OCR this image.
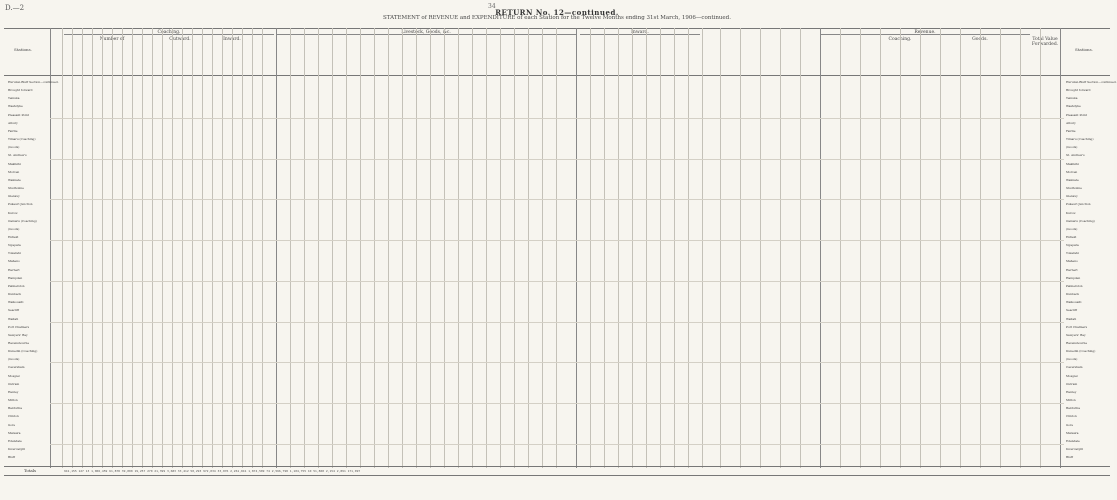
D.—2	34
RETURN No. 12—continued.
STATEMENT of REVENUE and EXPENDITURE of each Station for the Twelve Months ending 31st March, 1906—continued.
Coaching.	Livestock, Goods, &c.	Inward.	Revenue.
Number of	Outward.	Inward.	Coaching.	Goods.	Total Value Forwarded.
Stations.	Stations.
Hurunui-Bluff Section—continued.	Hurunui-Bluff Section—continued.
Brought forward	Brought forward
Temuka	Temuka
Washdyke	Washdyke
Pleasant Point	Pleasant Point
Albury	Albury
Fairlie	Fairlie
Timaru (Coaching)	Timaru (Coaching)
(Goods)	(Goods)
St. Andrew's	St. Andrew's
Makikihi	Makikihi
Morven	Morven
Waimate	Waimate
Studholme	Studholme
Glenavy	Glenavy
Pukeuri Junction	Pukeuri Junction
Kurow	Kurow
Oamaru (Coaching)	Oamaru (Coaching)
(Goods)	(Goods)
Enfield	Enfield
Ngapara	Ngapara
Tokarahi	Tokarahi
Maheno	Maheno
Herbert	Herbert
Hampden	Hampden
Palmerston	Palmerston
Dunback	Dunback
Waikouaiti	Waikouaiti
Seacliff	Seacliff
Waitati	Waitati
Port Chalmers	Port Chalmers
Sawyers' Bay	Sawyers' Bay
Ravensbourne	Ravensbourne
Dunedin (Coaching)	Dunedin (Coaching)
(Goods)	(Goods)
Caversham	Caversham
Mosgiel	Mosgiel
Outram	Outram
Henley	Henley
Milton	Milton
Balclutha	Balclutha
Clinton	Clinton
Gore	Gore
Mataura	Mataura
Edendale	Edendale
Invercargill	Invercargill
Bluff	Bluff
Totals	941,155 127 13 1,006,459 61,878 39,000 19,257 270 21,399 3,683 33,412 50,293 972,034 33,076 2,261,041 1,874,509 74 2,566,798 1,104,755 10 51,800 2,154 2,891 171,097
